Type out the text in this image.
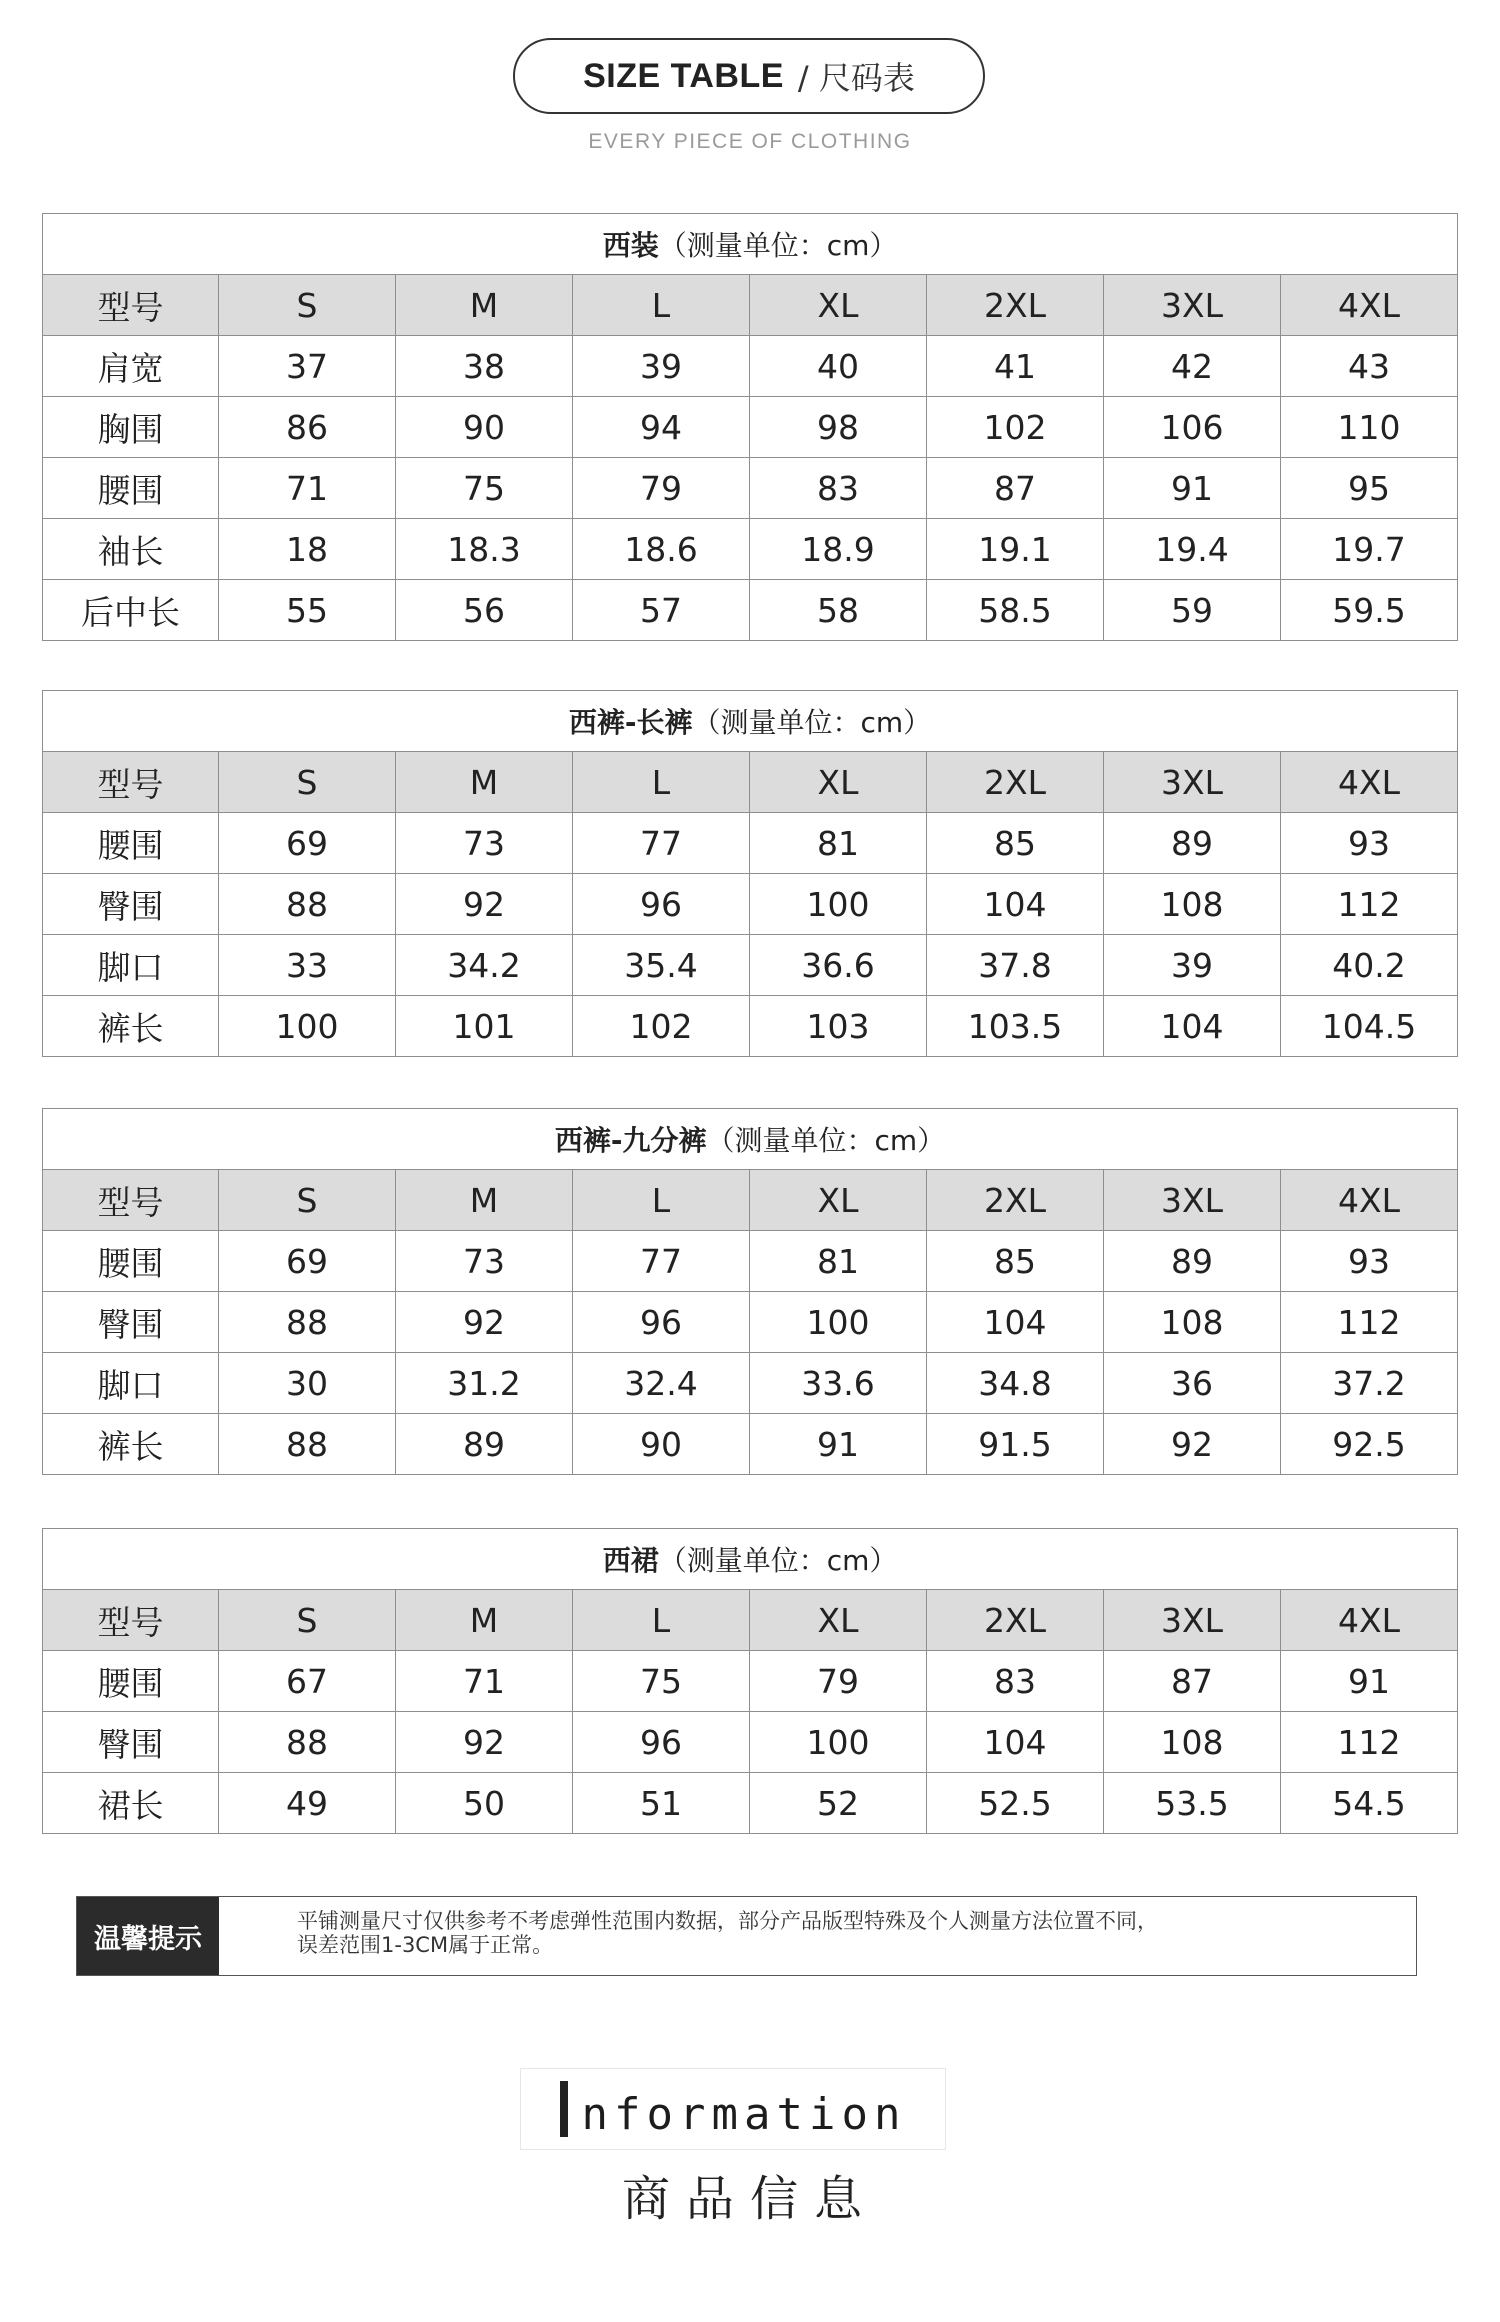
SIZE TABLE / 尺码表
EVERY PIECE OF CLOTHING
西装（测量单位：cm）							
型号	S	M	L	XL	2XL	3XL	4XL
肩宽	37	38	39	40	41	42	43
胸围	86	90	94	98	102	106	110
腰围	71	75	79	83	87	91	95
袖长	18	18.3	18.6	18.9	19.1	19.4	19.7
后中长	55	56	57	58	58.5	59	59.5
西裤-长裤（测量单位：cm）							
型号	S	M	L	XL	2XL	3XL	4XL
腰围	69	73	77	81	85	89	93
臀围	88	92	96	100	104	108	112
脚口	33	34.2	35.4	36.6	37.8	39	40.2
裤长	100	101	102	103	103.5	104	104.5
西裤-九分裤（测量单位：cm）							
型号	S	M	L	XL	2XL	3XL	4XL
腰围	69	73	77	81	85	89	93
臀围	88	92	96	100	104	108	112
脚口	30	31.2	32.4	33.6	34.8	36	37.2
裤长	88	89	90	91	91.5	92	92.5
西裙（测量单位：cm）							
型号	S	M	L	XL	2XL	3XL	4XL
腰围	67	71	75	79	83	87	91
臀围	88	92	96	100	104	108	112
裙长	49	50	51	52	52.5	53.5	54.5
温馨提示
平铺测量尺寸仅供参考不考虑弹性范围内数据，部分产品版型特殊及个人测量方法位置不同，
误差范围1-3CM属于正常。
nformation
商品信息
